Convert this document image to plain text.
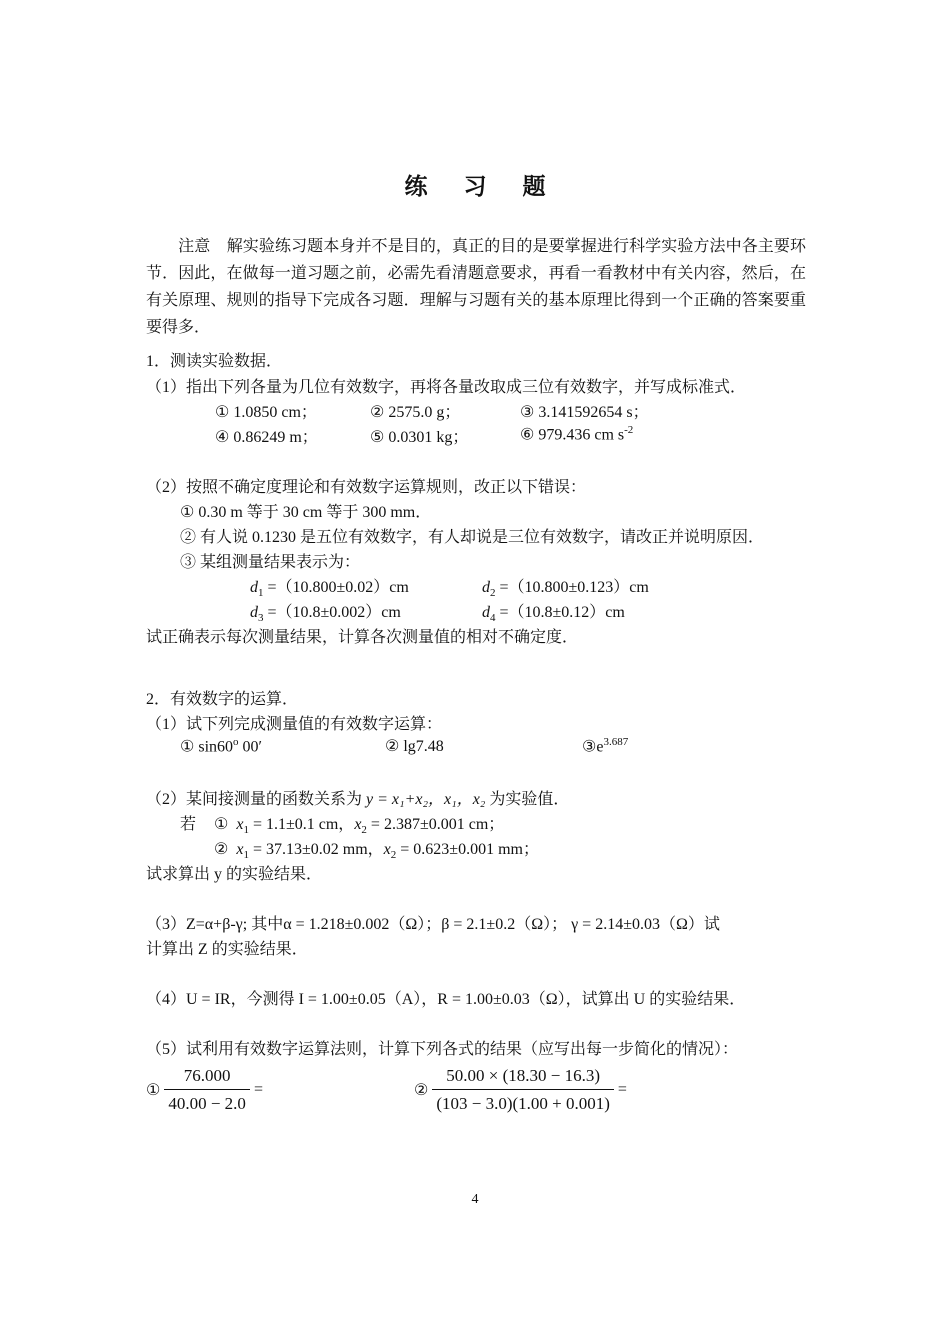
练 习 题
注意 解实验练习题本身并不是目的，真正的目的是要掌握进行科学实验方法中各主要环节．因此，在做每一道习题之前，必需先看清题意要求，再看一看教材中有关内容，然后，在有关原理、规则的指导下完成各习题．理解与习题有关的基本原理比得到一个正确的答案要重要得多．
1．测读实验数据．
（1）指出下列各量为几位有效数字，再将各量改取成三位有效数字，并写成标准式．
① 1.0850 cm；	② 2575.0 g；	③ 3.141592654 s；
④ 0.86249 m；	⑤ 0.0301 kg；	⑥ 979.436 cm $s^{-2}$
（2）按照不确定度理论和有效数字运算规则，改正以下错误：
① 0.30 m 等于 30 cm 等于 300 mm．
② 有人说 0.1230 是五位有效数字，有人却说是三位有效数字，请改正并说明原因．
③ 某组测量结果表示为：
$d_1 =(10.800\pm 0.02)cm$	$d_2 =(10.800\pm 0.123)cm$
$d_3 =(10.8\pm 0.002)cm$	$d_4 =(10.8\pm 0.12)cm$
试正确表示每次测量结果，计算各次测量值的相对不确定度．
2．有效数字的运算．
（1）试下列完成测量值的有效数字运算：
① sin60$^o$ 00′	② lg7.48	$③e^{3.687}$
（2）某间接测量的函数关系为 y = x₁+x₂，x₁，x₂ 为实验值．
若 ①  $x_1 = 1.1\pm 0.1$ cm，$x_2 = 2.387\pm 0.001$ cm；
②  $x_1 = 37.13\pm 0.02$ mm，$x_2 = 0.623\pm 0.001$ mm；
试求算出 y 的实验结果．
（3）Z=α+β-γ; 其中α = 1.218±0.002（Ω）；β = 2.1±0.2（Ω）； γ = 2.14±0.03（Ω）试
计算出 Z 的实验结果．
（4）U = IR，今测得 I = 1.00±0.05（A），R = 1.00±0.03（Ω），试算出 U 的实验结果．
（5）试利用有效数字运算法则，计算下列各式的结果（应写出每一步简化的情况）：
① $\frac{76.000}{40.00 - 2.0}$ =	② $\frac{50.00 \times (18.30 - 16.3)}{(103 - 3.0)(1.00 + 0.001)}$ =
4
